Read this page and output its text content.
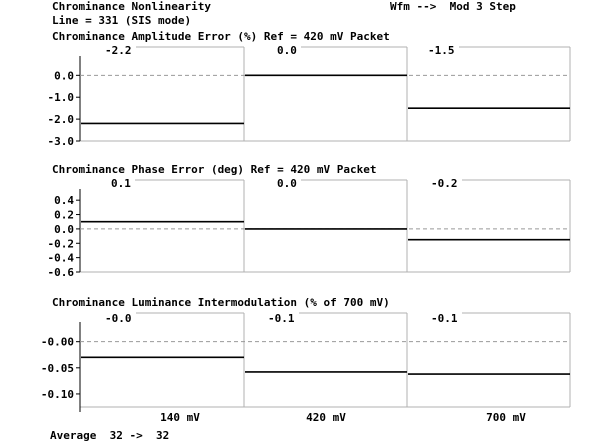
Chrominance Nonlinearity	Wfm -->  Mod 3 Step
Line = 331 (SIS mode)
Chrominance Amplitude Error (%) Ref = 420 mV Packet
0.0
-1.0
-2.0
-3.0
-2.2	0.0	-1.5
Chrominance Phase Error (deg) Ref = 420 mV Packet
0.4
0.2
0.0
-0.2
-0.4
-0.6
0.1	0.0	-0.2
Chrominance Luminance Intermodulation (% of 700 mV)
-0.00
-0.05
-0.10
-0.0	-0.1	-0.1
140 mV	420 mV	700 mV
Average  32 ->  32
